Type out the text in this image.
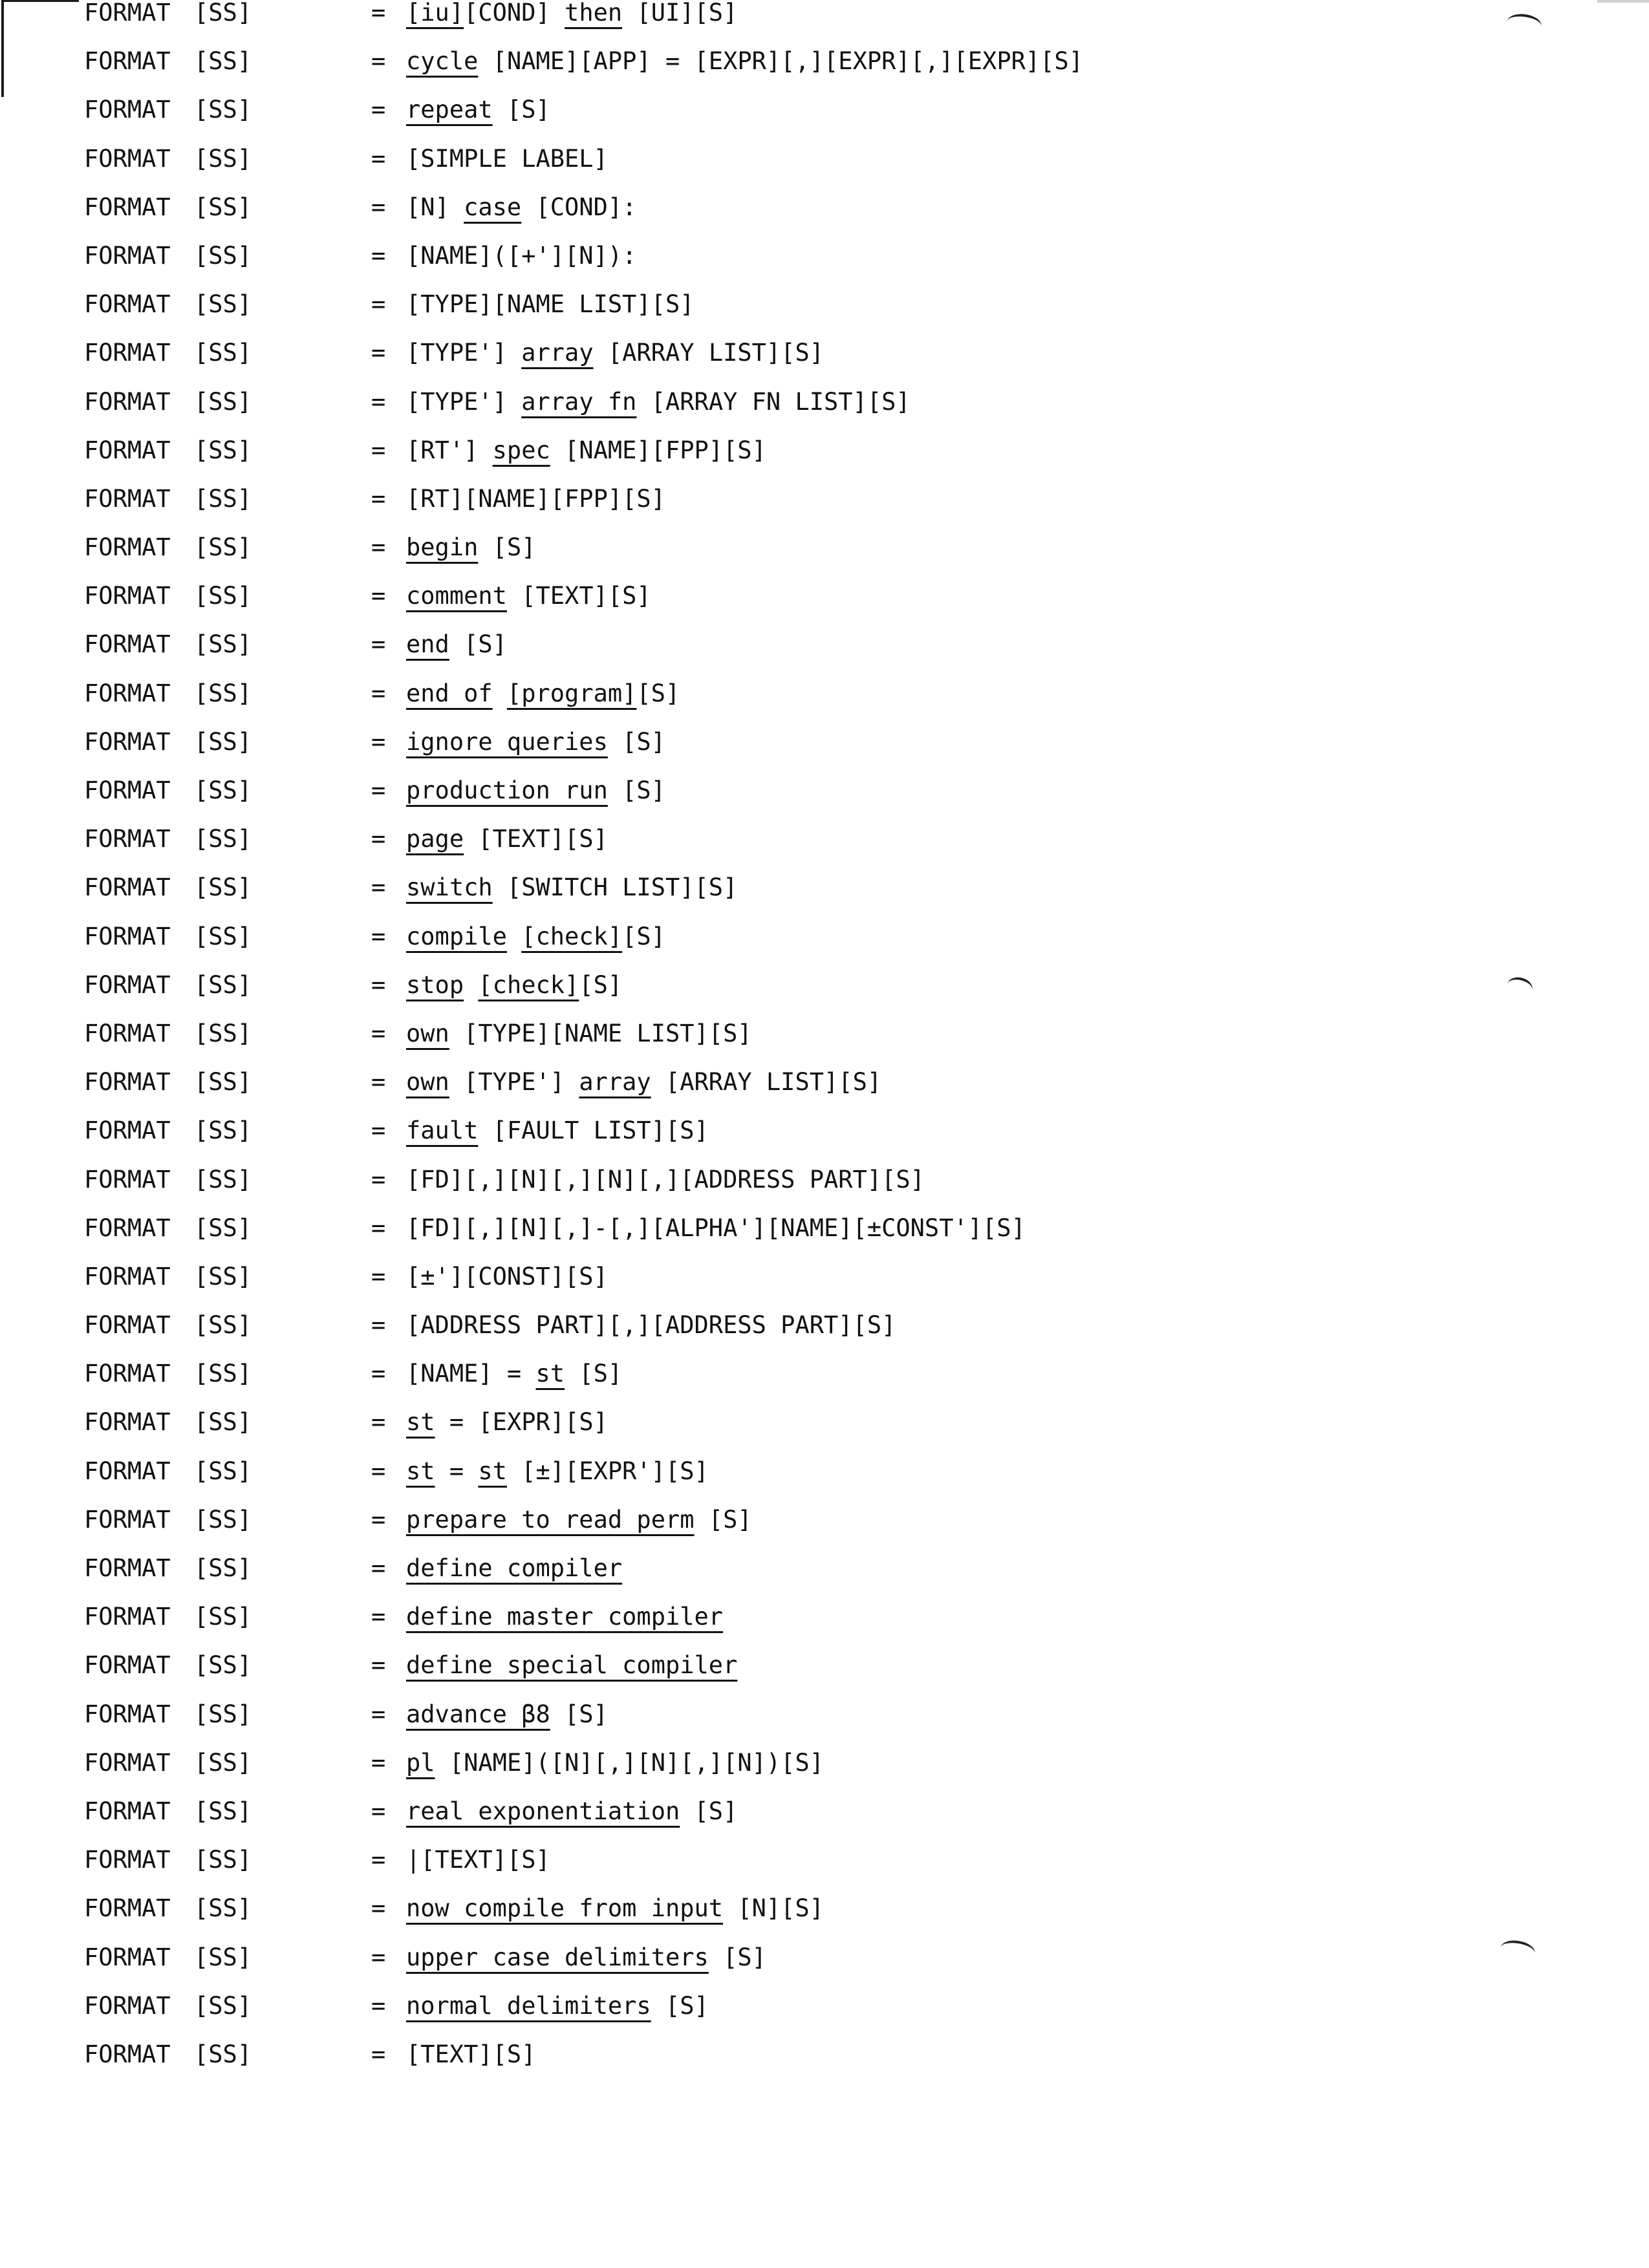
FORMAT [SS]	= [iu][COND] then [UI][S]
FORMAT [SS]	= cycle [NAME][APP] = [EXPR][,][EXPR][,][EXPR][S]
FORMAT [SS]	= repeat [S]
FORMAT [SS]	= [SIMPLE LABEL]
FORMAT [SS]	= [N] case [COND]:
FORMAT [SS]	= [NAME]([+'][N]):
FORMAT [SS]	= [TYPE][NAME LIST][S]
FORMAT [SS]	= [TYPE'] array [ARRAY LIST][S]
FORMAT [SS]	= [TYPE'] array fn [ARRAY FN LIST][S]
FORMAT [SS]	= [RT'] spec [NAME][FPP][S]
FORMAT [SS]	= [RT][NAME][FPP][S]
FORMAT [SS]	= begin [S]
FORMAT [SS]	= comment [TEXT][S]
FORMAT [SS]	= end [S]
FORMAT [SS]	= end of [program][S]
FORMAT [SS]	= ignore queries [S]
FORMAT [SS]	= production run [S]
FORMAT [SS]	= page [TEXT][S]
FORMAT [SS]	= switch [SWITCH LIST][S]
FORMAT [SS]	= compile [check][S]
FORMAT [SS]	= stop [check][S]
FORMAT [SS]	= own [TYPE][NAME LIST][S]
FORMAT [SS]	= own [TYPE'] array [ARRAY LIST][S]
FORMAT [SS]	= fault [FAULT LIST][S]
FORMAT [SS]	= [FD][,][N][,][N][,][ADDRESS PART][S]
FORMAT [SS]	= [FD][,][N][,]-[,][ALPHA'][NAME][±CONST'][S]
FORMAT [SS]	= [±'][CONST][S]
FORMAT [SS]	= [ADDRESS PART][,][ADDRESS PART][S]
FORMAT [SS]	= [NAME] = st [S]
FORMAT [SS]	= st = [EXPR][S]
FORMAT [SS]	= st = st [±][EXPR'][S]
FORMAT [SS]	= prepare to read perm [S]
FORMAT [SS]	= define compiler
FORMAT [SS]	= define master compiler
FORMAT [SS]	= define special compiler
FORMAT [SS]	= advance β8 [S]
FORMAT [SS]	= pl [NAME]([N][,][N][,][N])[S]
FORMAT [SS]	= real exponentiation [S]
FORMAT [SS]	= |[TEXT][S]
FORMAT [SS]	= now compile from input [N][S]
FORMAT [SS]	= upper case delimiters [S]
FORMAT [SS]	= normal delimiters [S]
FORMAT [SS]	= [TEXT][S]
